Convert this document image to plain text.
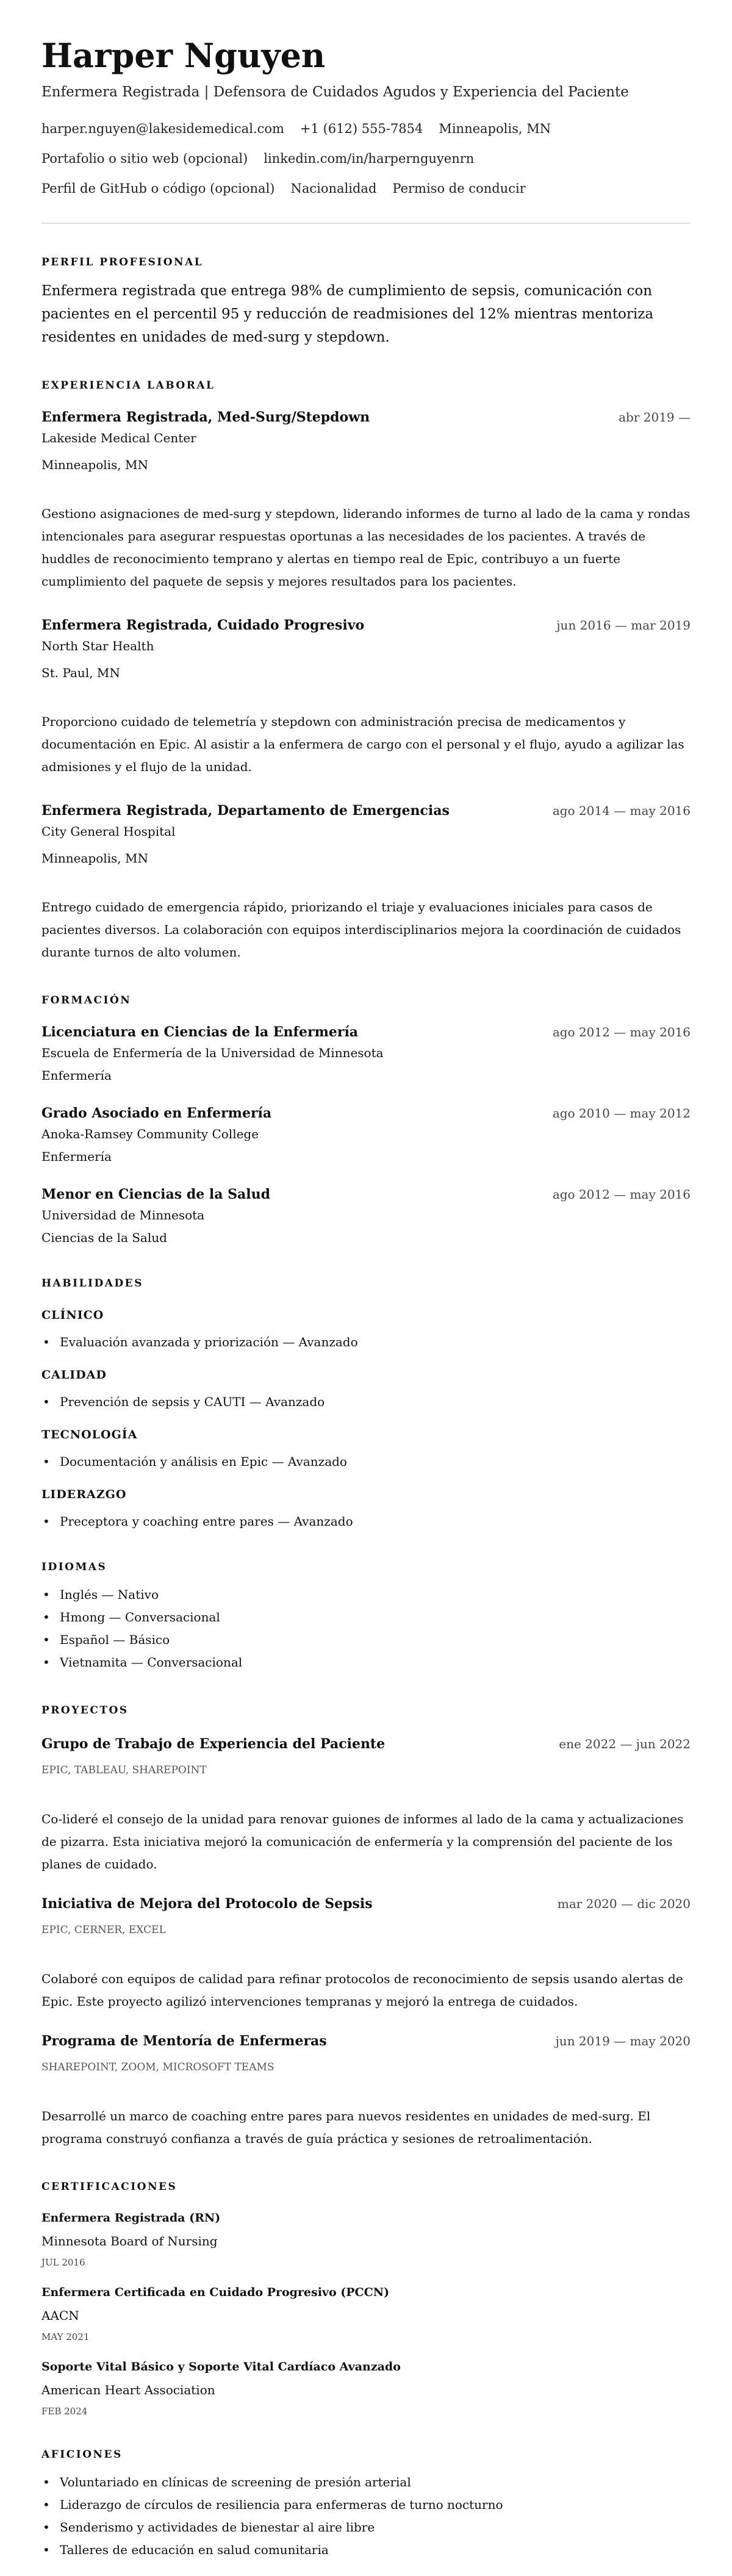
Harper Nguyen
Enfermera Registrada | Defensora de Cuidados Agudos y Experiencia del Paciente
harper.nguyen@lakesidemedical.com +1 (612) 555-7854 Minneapolis, MN
Portafolio o sitio web (opcional) linkedin.com/in/harpernguyenrn
Perfil de GitHub o código (opcional) Nacionalidad Permiso de conducir
PERFIL PROFESIONAL
Enfermera registrada que entrega 98% de cumplimiento de sepsis, comunicación con pacientes en el percentil 95 y reducción de readmisiones del 12% mientras mentoriza residentes en unidades de med-surg y stepdown.
EXPERIENCIA LABORAL
Enfermera Registrada, Med-Surg/Stepdown	abr 2019 —
Lakeside Medical Center
Minneapolis, MN
Gestiono asignaciones de med-surg y stepdown, liderando informes de turno al lado de la cama y rondas intencionales para asegurar respuestas oportunas a las necesidades de los pacientes. A través de huddles de reconocimiento temprano y alertas en tiempo real de Epic, contribuyo a un fuerte cumplimiento del paquete de sepsis y mejores resultados para los pacientes.
Enfermera Registrada, Cuidado Progresivo	jun 2016 — mar 2019
North Star Health
St. Paul, MN
Proporciono cuidado de telemetría y stepdown con administración precisa de medicamentos y documentación en Epic. Al asistir a la enfermera de cargo con el personal y el flujo, ayudo a agilizar las admisiones y el flujo de la unidad.
Enfermera Registrada, Departamento de Emergencias	ago 2014 — may 2016
City General Hospital
Minneapolis, MN
Entrego cuidado de emergencia rápido, priorizando el triaje y evaluaciones iniciales para casos de pacientes diversos. La colaboración con equipos interdisciplinarios mejora la coordinación de cuidados durante turnos de alto volumen.
FORMACIÓN
Licenciatura en Ciencias de la Enfermería	ago 2012 — may 2016
Escuela de Enfermería de la Universidad de Minnesota
Enfermería
Grado Asociado en Enfermería	ago 2010 — may 2012
Anoka-Ramsey Community College
Enfermería
Menor en Ciencias de la Salud	ago 2012 — may 2016
Universidad de Minnesota
Ciencias de la Salud
HABILIDADES
CLÍNICO
• Evaluación avanzada y priorización — Avanzado
CALIDAD
• Prevención de sepsis y CAUTI — Avanzado
TECNOLOGÍA
• Documentación y análisis en Epic — Avanzado
LIDERAZGO
• Preceptora y coaching entre pares — Avanzado
IDIOMAS
• Inglés — Nativo
• Hmong — Conversacional
• Español — Básico
• Vietnamita — Conversacional
PROYECTOS
Grupo de Trabajo de Experiencia del Paciente	ene 2022 — jun 2022
EPIC, TABLEAU, SHAREPOINT
Co-lideré el consejo de la unidad para renovar guiones de informes al lado de la cama y actualizaciones de pizarra. Esta iniciativa mejoró la comunicación de enfermería y la comprensión del paciente de los planes de cuidado.
Iniciativa de Mejora del Protocolo de Sepsis	mar 2020 — dic 2020
EPIC, CERNER, EXCEL
Colaboré con equipos de calidad para refinar protocolos de reconocimiento de sepsis usando alertas de Epic. Este proyecto agilizó intervenciones tempranas y mejoró la entrega de cuidados.
Programa de Mentoría de Enfermeras	jun 2019 — may 2020
SHAREPOINT, ZOOM, MICROSOFT TEAMS
Desarrollé un marco de coaching entre pares para nuevos residentes en unidades de med-surg. El programa construyó confianza a través de guía práctica y sesiones de retroalimentación.
CERTIFICACIONES
Enfermera Registrada (RN)
Minnesota Board of Nursing
JUL 2016
Enfermera Certificada en Cuidado Progresivo (PCCN)
AACN
MAY 2021
Soporte Vital Básico y Soporte Vital Cardíaco Avanzado
American Heart Association
FEB 2024
AFICIONES
• Voluntariado en clínicas de screening de presión arterial
• Liderazgo de círculos de resiliencia para enfermeras de turno nocturno
• Senderismo y actividades de bienestar al aire libre
• Talleres de educación en salud comunitaria
